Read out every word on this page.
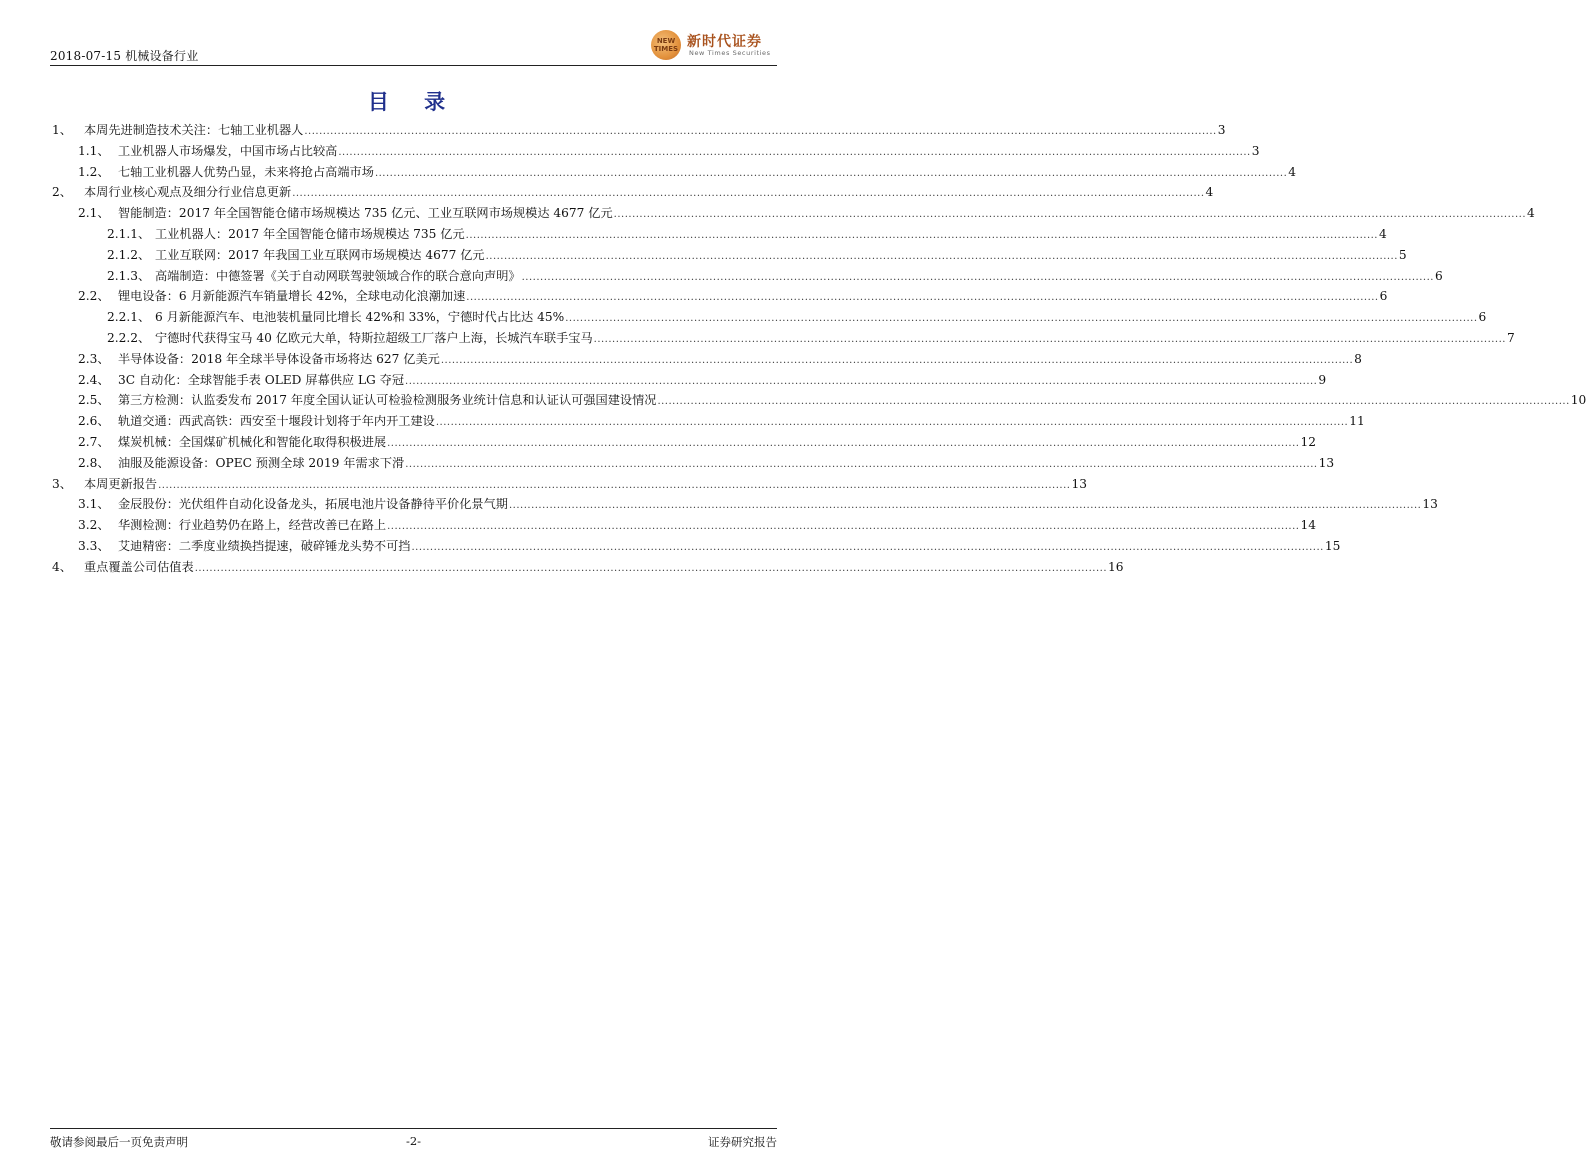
2018-07-15 机械设备行业
NEW
TIMES 新时代证券
New Times Securities
目 录
1、 本周先进制造技术关注：七轴工业机器人 .....	3
1.1、 工业机器人市场爆发，中国市场占比较高 .....	3
1.2、 七轴工业机器人优势凸显，未来将抢占高端市场 .....	4
2、 本周行业核心观点及细分行业信息更新 .....	4
2.1、 智能制造：2017 年全国智能仓储市场规模达 735 亿元、工业互联网市场规模达 4677 亿元 .....	4
2.1.1、 工业机器人：2017 年全国智能仓储市场规模达 735 亿元 .....	4
2.1.2、 工业互联网：2017 年我国工业互联网市场规模达 4677 亿元 .....	5
2.1.3、 高端制造：中德签署《关于自动网联驾驶领域合作的联合意向声明》 .....	6
2.2、 锂电设备：6 月新能源汽车销量增长 42%，全球电动化浪潮加速 .....	6
2.2.1、 6 月新能源汽车、电池装机量同比增长 42%和 33%，宁德时代占比达 45% .....	6
2.2.2、 宁德时代获得宝马 40 亿欧元大单，特斯拉超级工厂落户上海，长城汽车联手宝马 .....	7
2.3、 半导体设备：2018 年全球半导体设备市场将达 627 亿美元 .....	8
2.4、 3C 自动化：全球智能手表 OLED 屏幕供应 LG 夺冠 .....	9
2.5、 第三方检测：认监委发布 2017 年度全国认证认可检验检测服务业统计信息和认证认可强国建设情况 .....	10
2.6、 轨道交通：西武高铁：西安至十堰段计划将于年内开工建设 .....	11
2.7、 煤炭机械：全国煤矿机械化和智能化取得积极进展 .....	12
2.8、 油服及能源设备：OPEC 预测全球 2019 年需求下滑 .....	13
3、 本周更新报告 .....	13
3.1、 金辰股份：光伏组件自动化设备龙头，拓展电池片设备静待平价化景气期 .....	13
3.2、 华测检测：行业趋势仍在路上，经营改善已在路上 .....	14
3.3、 艾迪精密：二季度业绩换挡提速，破碎锤龙头势不可挡 .....	15
4、 重点覆盖公司估值表 .....	16
敬请参阅最后一页免责声明	-2-	证券研究报告
